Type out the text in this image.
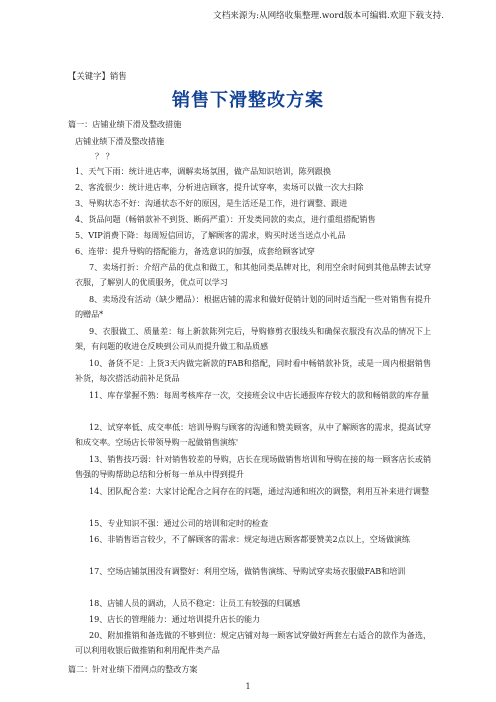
文档来源为:从网络收集整理.word版本可编辑.欢迎下载支持.
【关键字】销售
销售下滑整改方案
篇一：店铺业绩下滑及整改措施
店铺业绩下滑及整改措施
？ ？
1、天气下雨：统计进店率，调解卖场氛围，做产品知识培训，陈列跟换
2、客流很少：统计进店率，分析进店顾客，提升试穿率，卖场可以做一次大扫除
3、导购状态不好：沟通状态不好的原因，是生活还是工作，进行调整、跟进
4、货品问题（畅销款补不到货、断码严重）：开发类同款的卖点，进行重组搭配销售
5、VIP消费下降：每周短信回访，了解顾客的需求，购买时送当送点小礼品
6、连带：提升导购的搭配能力，备选意识的加强，成套给顾客试穿
7、卖场打折：介绍产品的优点和做工，和其他同类品牌对比，利用空余时间到其他品牌去试穿衣服，了解别人的优质服务，优点可以学习
8、卖场没有活动（缺少赠品）：根据店铺的需求和做好促销计划的同时适当配一些对销售有提升的赠品*
9、衣服做工、质量差：每上新款陈列完后，导购修剪衣服线头和确保衣服没有次品的情况下上架，有问题的收进仓反映到公司从而提升做工和品质感
10、备货不足：上货3天内做完新款的FAB和搭配，同时看中畅销款补货，或是一周内根据销售补货，每次搭活动前补足货品
11、库存掌握不熟：每周考核库存一次，交接班会议中店长通报库存较大的款和畅销款的库存量
12、试穿率低、成交率低：培训导购与顾客的沟通和赞美顾客，从中了解顾客的需求，提高试穿和成交率。空场店长带领导购一起做销售演练'
13、销售技巧弱：针对销售较差的导购，店长在现场做销售培训和导购在接的每一顾客店长或销售强的导购帮助总结和分析每一单从中得到提升
14、团队配合差：大家讨论配合之间存在的问题，通过沟通和班次的调整，利用互补来进行调整
15、专业知识不强：通过公司的培训和定时的检查
16、非销售语言较少，不了解顾客的需求：规定每进店顾客都要赞美2点以上，空场做演练
17、空场店铺氛围没有调整好：利用空场，做销售演练、导购试穿卖场衣服做FAB和培训
18、店铺人员的调动，人员不稳定：让员工有较强的归属感
19、店长的管理能力：通过培训提升店长的能力
20、附加推销和备选做的不够到位：规定店铺对每一顾客试穿做好两套左右适合的款作为备选，可以利用收银后做推销和利用配件类产品
篇二：针对业绩下滑网点的整改方案
1
